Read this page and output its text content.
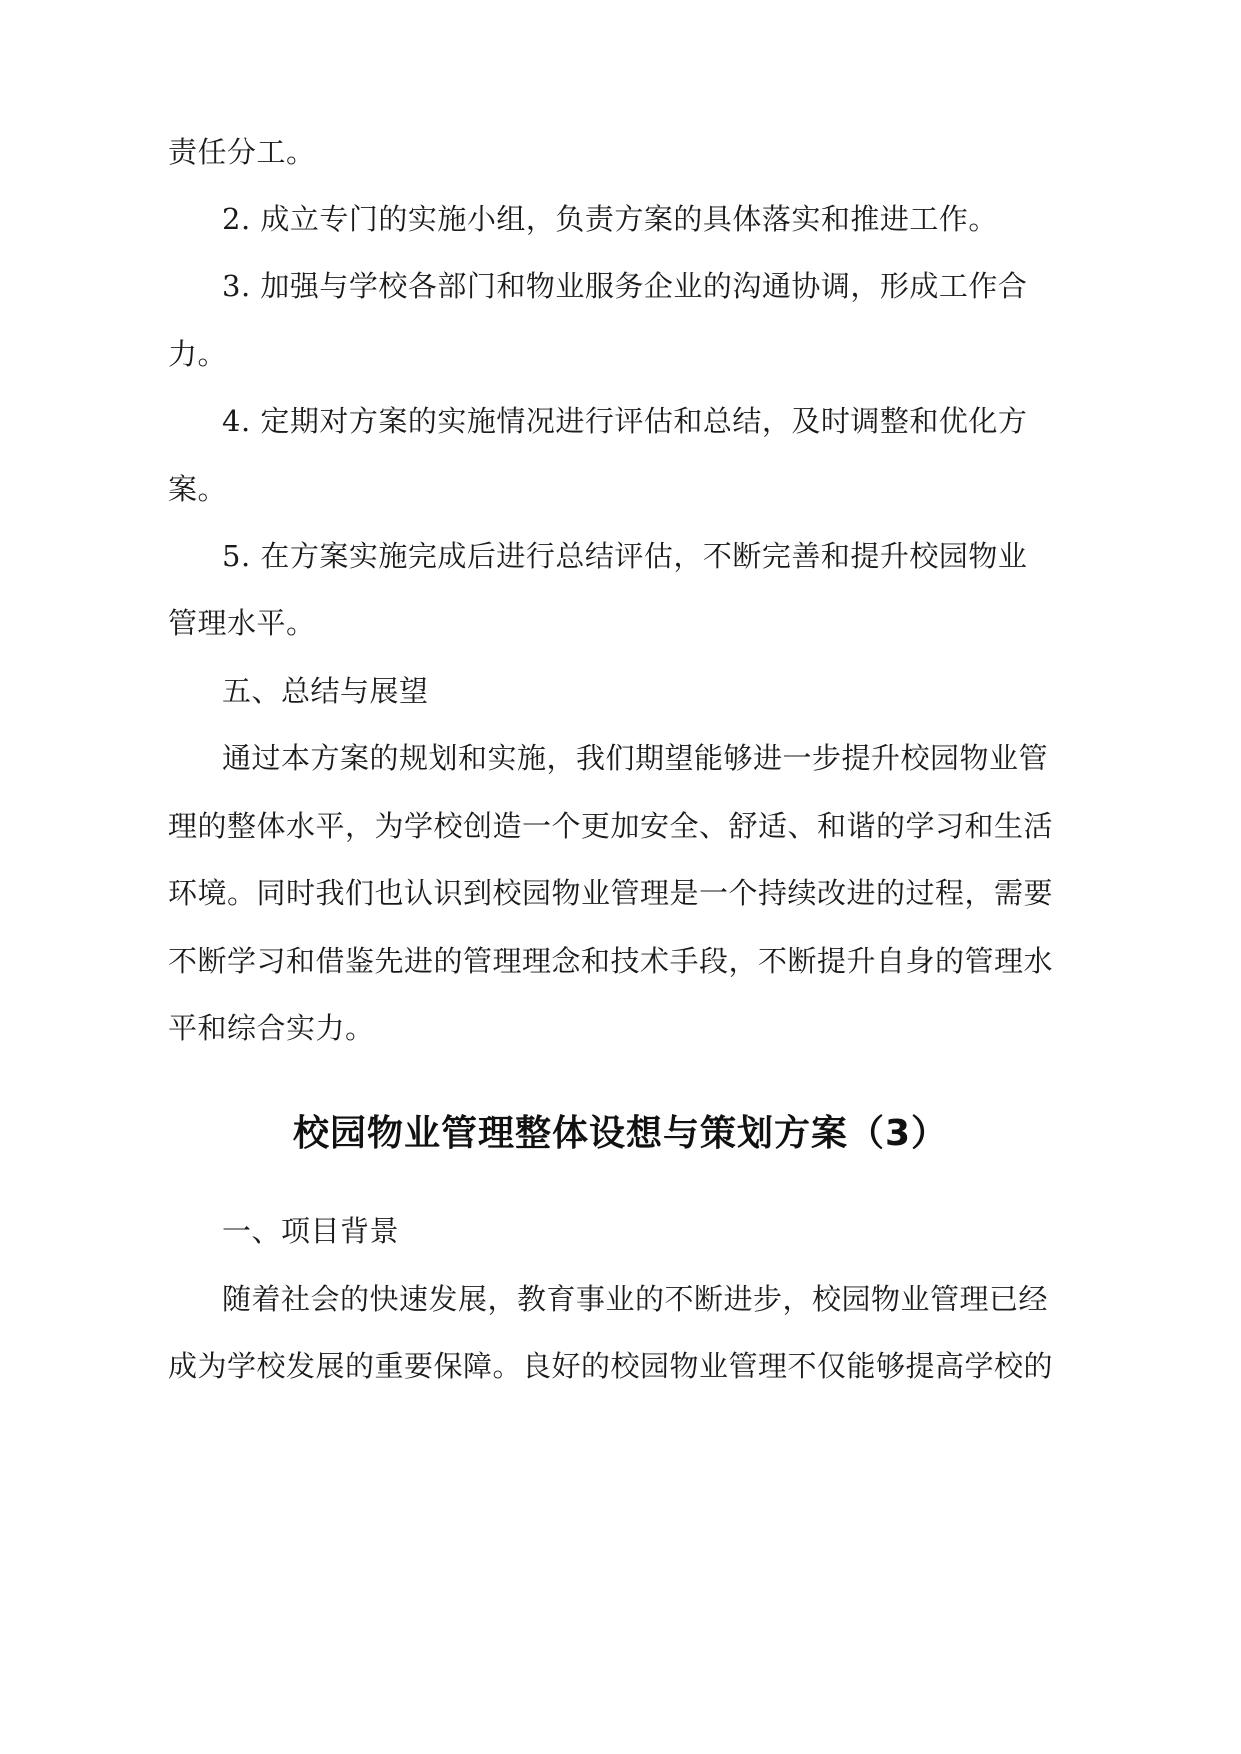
责任分工。
2. 成立专门的实施小组，负责方案的具体落实和推进工作。
3. 加强与学校各部门和物业服务企业的沟通协调，形成工作合
力。
4. 定期对方案的实施情况进行评估和总结，及时调整和优化方
案。
5. 在方案实施完成后进行总结评估，不断完善和提升校园物业
管理水平。
五、总结与展望
通过本方案的规划和实施，我们期望能够进一步提升校园物业管
理的整体水平，为学校创造一个更加安全、舒适、和谐的学习和生活
环境。同时我们也认识到校园物业管理是一个持续改进的过程，需要
不断学习和借鉴先进的管理理念和技术手段，不断提升自身的管理水
平和综合实力。
校园物业管理整体设想与策划方案（3）
一、项目背景
随着社会的快速发展，教育事业的不断进步，校园物业管理已经
成为学校发展的重要保障。良好的校园物业管理不仅能够提高学校的
